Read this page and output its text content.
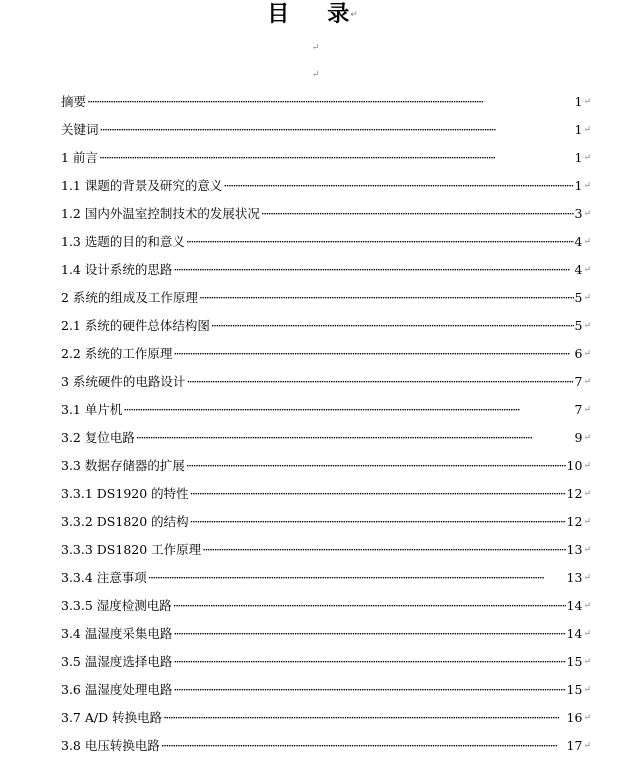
目 录↵
↵
↵
摘要 ·····	1 ↵
关键词 ·····	1 ↵
1 前言 ·····	1 ↵
1.1 课题的背景及研究的意义 ·····	1 ↵
1.2 国内外温室控制技术的发展状况 ·····	3 ↵
1.3 选题的目的和意义 ·····	4 ↵
1.4 设计系统的思路 ·····	4 ↵
2 系统的组成及工作原理 ·····	5 ↵
2.1 系统的硬件总体结构图 ·····	5 ↵
2.2 系统的工作原理 ·····	6 ↵
3 系统硬件的电路设计 ·····	7 ↵
3.1 单片机 ·····	7 ↵
3.2 复位电路 ·····	9 ↵
3.3 数据存储器的扩展 ·····	10 ↵
3.3.1 DS1920 的特性 ·····	12 ↵
3.3.2 DS1820 的结构 ·····	12 ↵
3.3.3 DS1820 工作原理 ·····	13 ↵
3.3.4 注意事项 ·····	13 ↵
3.3.5 湿度检测电路 ·····	14 ↵
3.4 温湿度采集电路 ·····	14 ↵
3.5 温湿度选择电路 ·····	15 ↵
3.6 温湿度处理电路 ·····	15 ↵
3.7 A/D 转换电路 ·····	16 ↵
3.8 电压转换电路 ·····	17 ↵
